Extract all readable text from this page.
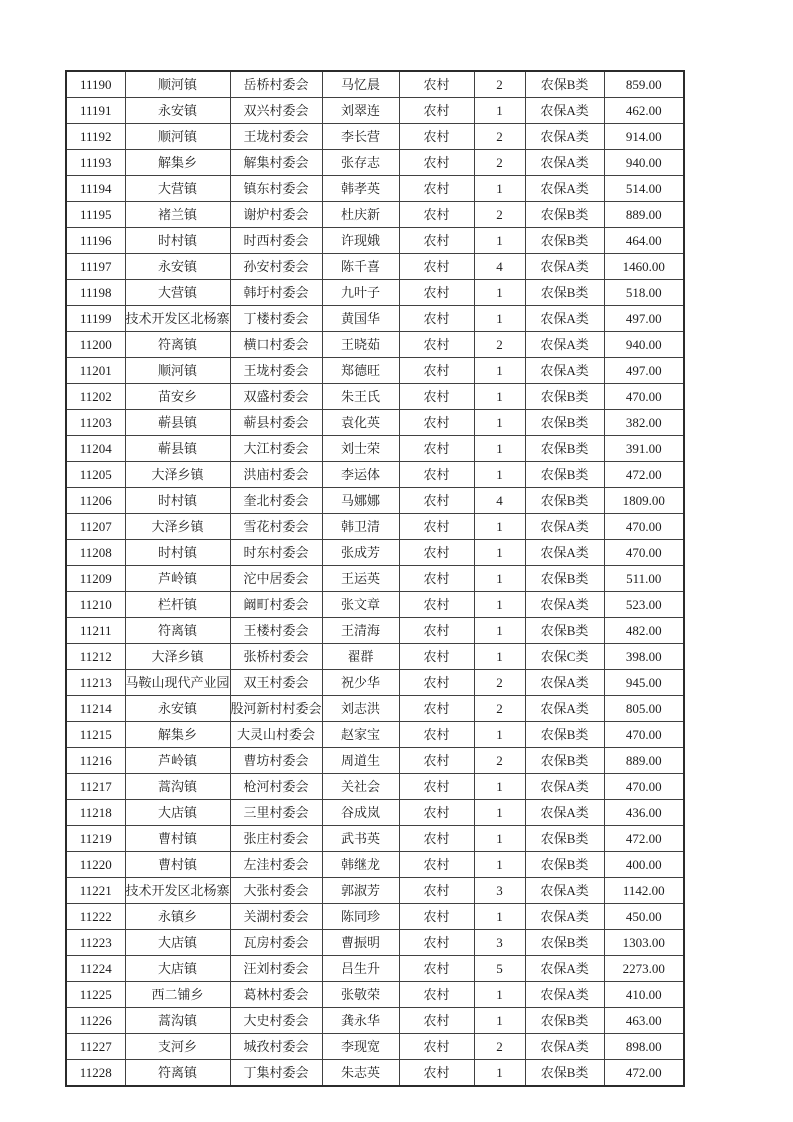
11190	顺河镇	岳桥村委会	马忆晨	农村	2	农保B类	859.00

11191	永安镇	双兴村委会	刘翠连	农村	1	农保A类	462.00

11192	顺河镇	王垅村委会	李长营	农村	2	农保A类	914.00

11193	解集乡	解集村委会	张存志	农村	2	农保A类	940.00

11194	大营镇	镇东村委会	韩孝英	农村	1	农保A类	514.00

11195	褚兰镇	谢炉村委会	杜庆新	农村	2	农保B类	889.00

11196	时村镇	时西村委会	许现娥	农村	1	农保B类	464.00

11197	永安镇	孙安村委会	陈千喜	农村	4	农保A类	1460.00

11198	大营镇	韩圩村委会	九叶子	农村	1	农保B类	518.00

11199	技术开发区北杨寨	丁楼村委会	黄国华	农村	1	农保A类	497.00

11200	符离镇	横口村委会	王晓茹	农村	2	农保A类	940.00

11201	顺河镇	王垅村委会	郑德旺	农村	1	农保A类	497.00

11202	苗安乡	双盛村委会	朱王氏	农村	1	农保B类	470.00

11203	蕲县镇	蕲县村委会	袁化英	农村	1	农保B类	382.00

11204	蕲县镇	大江村委会	刘士荣	农村	1	农保B类	391.00

11205	大泽乡镇	洪庙村委会	李运体	农村	1	农保B类	472.00

11206	时村镇	奎北村委会	马娜娜	农村	4	农保B类	1809.00

11207	大泽乡镇	雪花村委会	韩卫清	农村	1	农保A类	470.00

11208	时村镇	时东村委会	张成芳	农村	1	农保A类	470.00

11209	芦岭镇	沱中居委会	王运英	农村	1	农保B类	511.00

11210	栏杆镇	阚町村委会	张文章	农村	1	农保A类	523.00

11211	符离镇	王楼村委会	王清海	农村	1	农保B类	482.00

11212	大泽乡镇	张桥村委会	翟群	农村	1	农保C类	398.00

11213	马鞍山现代产业园	双王村委会	祝少华	农村	2	农保A类	945.00

11214	永安镇	股河新村村委会	刘志洪	农村	2	农保A类	805.00

11215	解集乡	大灵山村委会	赵家宝	农村	1	农保B类	470.00

11216	芦岭镇	曹坊村委会	周道生	农村	2	农保B类	889.00

11217	蒿沟镇	枪河村委会	关社会	农村	1	农保A类	470.00

11218	大店镇	三里村委会	谷成岚	农村	1	农保A类	436.00

11219	曹村镇	张庄村委会	武书英	农村	1	农保B类	472.00

11220	曹村镇	左洼村委会	韩继龙	农村	1	农保B类	400.00

11221	技术开发区北杨寨	大张村委会	郭淑芳	农村	3	农保A类	1142.00

11222	永镇乡	关湖村委会	陈同珍	农村	1	农保A类	450.00

11223	大店镇	瓦房村委会	曹振明	农村	3	农保B类	1303.00

11224	大店镇	汪刘村委会	吕生升	农村	5	农保A类	2273.00

11225	西二铺乡	葛林村委会	张敬荣	农村	1	农保A类	410.00

11226	蒿沟镇	大史村委会	龚永华	农村	1	农保B类	463.00

11227	支河乡	城孜村委会	李现宽	农村	2	农保A类	898.00

11228	符离镇	丁集村委会	朱志英	农村	1	农保B类	472.00
